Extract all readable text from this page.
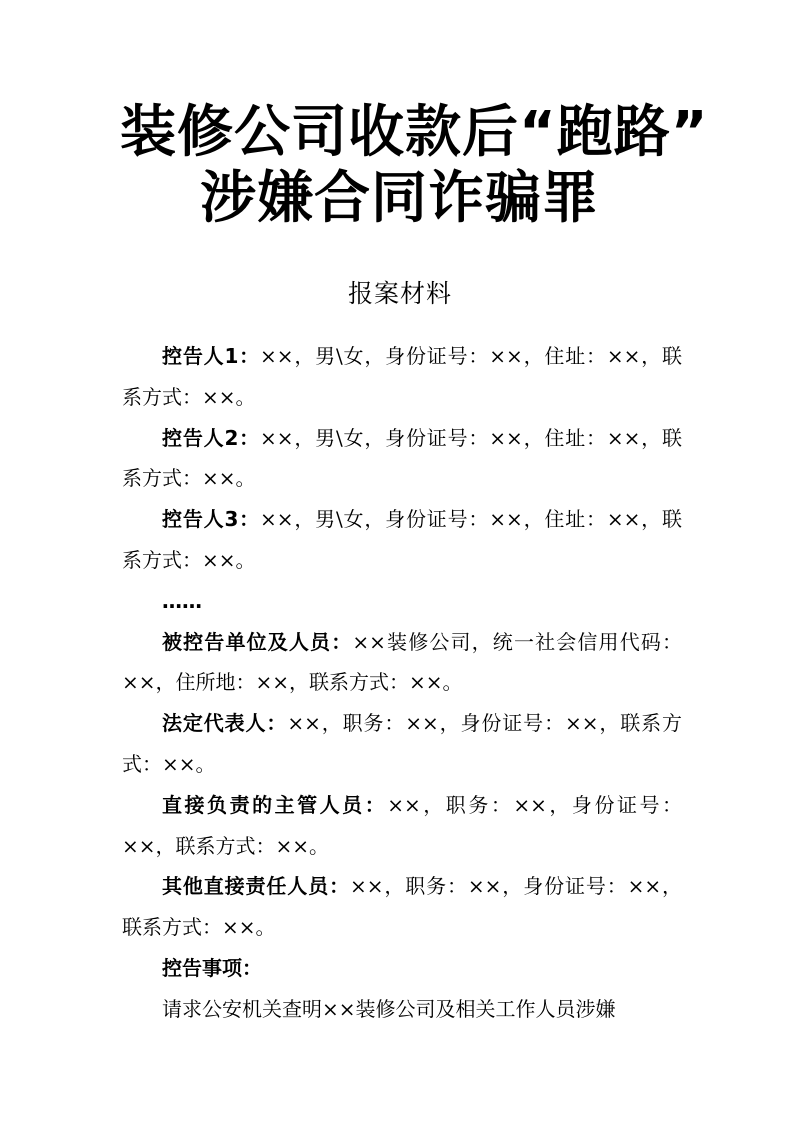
装修公司收款后“跑路”
涉嫌合同诈骗罪
报案材料

控告人1：××，男\女，身份证号：××，住址：××，联系方式：××。

控告人2：××，男\女，身份证号：××，住址：××，联系方式：××。

控告人3：××，男\女，身份证号：××，住址：××，联系方式：××。

……

被控告单位及人员：××装修公司，统一社会信用代码：××，住所地：××，联系方式：××。

法定代表人：××，职务：××，身份证号：××，联系方式：××。

直接负责的主管人员：××，职务：××，身份证号：××，联系方式：××。

其他直接责任人员：××，职务：××，身份证号：××，联系方式：××。

控告事项：

请求公安机关查明××装修公司及相关工作人员涉嫌
